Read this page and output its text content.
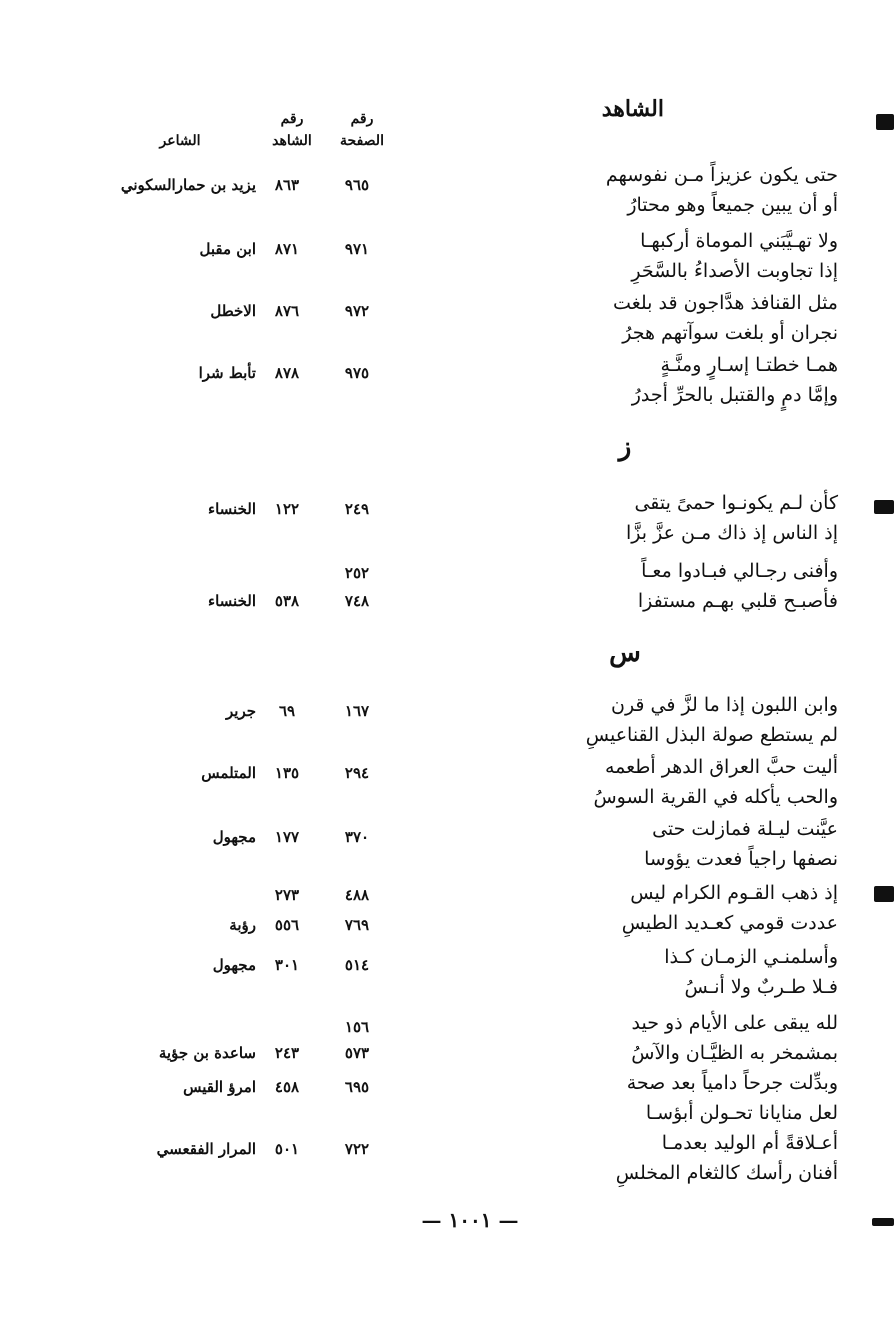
الشاهد
رقم
الصفحة
رقم
الشاهد
الشاعر
حتى يكون عزيزاً مـن نفوسهم
أو أن يبين جميعاً وهو محتارُ
٩٦٥
٨٦٣
يزيد بن حمارالسكوني
ولا تهـيَّبَني الموماة أركبهـا
إذا تجاوبت الأصداءُ بالسَّحَرِ
٩٧١
٨٧١
ابن مقبل
مثل القنافذ هدَّاجون قد بلغت
نجران أو بلغت سوآتهم هجرُ
٩٧٢
٨٧٦
الاخطل
همـا خطتـا إسـارٍ ومنَّـةٍ
وإمَّا دمٍ والقتبل بالحرِّ أجدرُ
٩٧٥
٨٧٨
تأبط شرا
ز
كأن لـم يكونـوا حمىً يتقى
إذ الناس إذ ذاك مـن عزَّ بزَّا
٢٤٩
١٢٢
الخنساء
وأفنى رجـالي فبـادوا معـاً
فأصبـح قلبي بهـم مستفزا
٢٥٢
٧٤٨
٥٣٨
الخنساء
س
وابن اللبون إذا ما لزَّ في قرن
لم يستطع صولة البذل القناعيسِ
١٦٧
٦٩
جرير
أليت حبَّ العراق الدهر أطعمه
والحب يأكله في القرية السوسُ
٢٩٤
١٣٥
المتلمس
عيَّنت ليـلة فمازلت حتى
نصفها راجياً فعدت يؤوسا
٣٧٠
١٧٧
مجهول
إذ ذهب القـوم الكرام ليس
عددت قومي كعـديد الطيسِ
٤٨٨
٢٧٣
٧٦٩
٥٥٦
رؤبة
وأسلمنـي الزمـان كـذا
فـلا طـربٌ ولا أنـسُ
٥١٤
٣٠١
مجهول
لله يبقى على الأيام ذو حيد
بمشمخر به الظيَّـان والآسُ
١٥٦
٥٧٣
٢٤٣
ساعدة بن جؤية
وبدِّلت جرحاً دامياً بعد صحة
لعل منايانا تحـولن أبؤسـا
٦٩٥
٤٥٨
امرؤ القيس
أعـلاقةً أم الوليد بعدمـا
أفنان رأسك كالثغام المخلسِ
٧٢٢
٥٠١
المرار الفقعسي
— ١٠٠١ —
